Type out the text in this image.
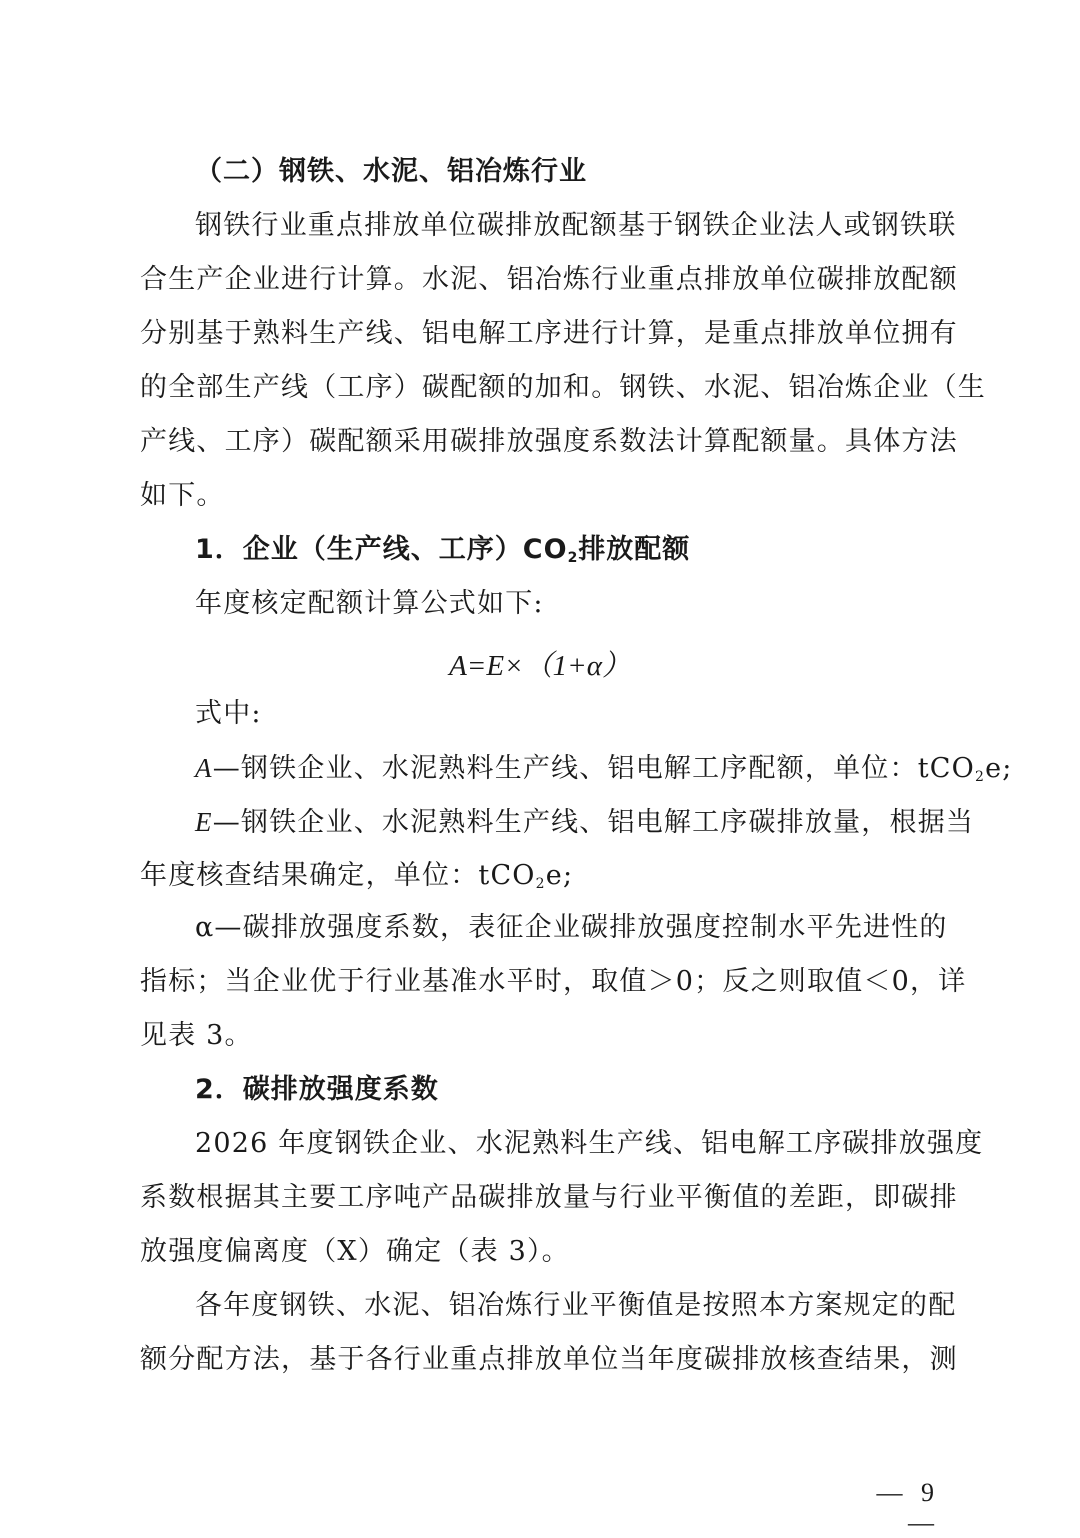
（二）钢铁、水泥、铝冶炼行业
钢铁行业重点排放单位碳排放配额基于钢铁企业法人或钢铁联
合生产企业进行计算。水泥、铝冶炼行业重点排放单位碳排放配额
分别基于熟料生产线、铝电解工序进行计算，是重点排放单位拥有
的全部生产线（工序）碳配额的加和。钢铁、水泥、铝冶炼企业（生
产线、工序）碳配额采用碳排放强度系数法计算配额量。具体方法
如下。
1．企业（生产线、工序）$CO_2$排放配额
年度核定配额计算公式如下:
A=E×（1+α）
式中:
A—钢铁企业、水泥熟料生产线、铝电解工序配额，单位：tCO$_2$e;
E—钢铁企业、水泥熟料生产线、铝电解工序碳排放量，根据当
年度核查结果确定，单位：tCO$_2$e;
α—碳排放强度系数，表征企业碳排放强度控制水平先进性的
指标；当企业优于行业基准水平时，取值＞0；反之则取值＜0，详
见表 3。
2．碳排放强度系数
2026 年度钢铁企业、水泥熟料生产线、铝电解工序碳排放强度
系数根据其主要工序吨产品碳排放量与行业平衡值的差距，即碳排
放强度偏离度（X）确定（表 3）。
各年度钢铁、水泥、铝冶炼行业平衡值是按照本方案规定的配
额分配方法，基于各行业重点排放单位当年度碳排放核查结果，测
— 9 —
